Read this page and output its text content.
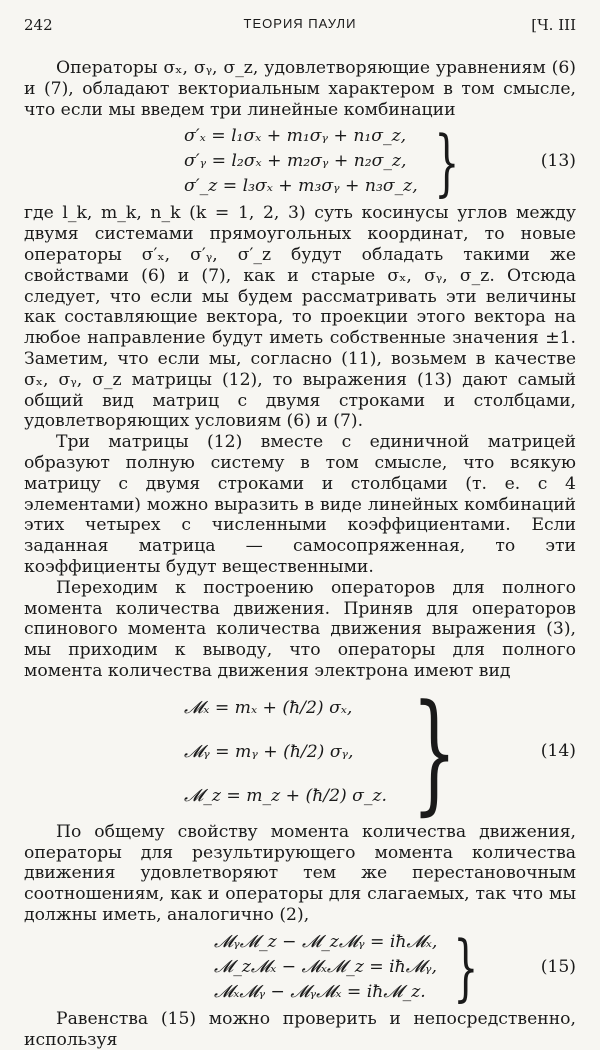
242	ТЕОРИЯ ПАУЛИ	[Ч. III

Операторы σₓ, σᵧ, σ_z, удовлетворяющие уравнениям (6) и (7), обладают векториальным характером в том смысле, что если мы введем три линейные комбинации

σ′ₓ = l₁σₓ + m₁σᵧ + n₁σ_z,
σ′ᵧ = l₂σₓ + m₂σᵧ + n₂σ_z,
σ′_z = l₃σₓ + m₃σᵧ + n₃σ_z, }	(13)

где l_k, m_k, n_k (k = 1, 2, 3) суть косинусы углов между двумя системами прямоугольных координат, то новые операторы σ′ₓ, σ′ᵧ, σ′_z будут обладать такими же свойствами (6) и (7), как и старые σₓ, σᵧ, σ_z. Отсюда следует, что если мы будем рассматривать эти величины как составляющие вектора, то проекции этого вектора на любое направление будут иметь собственные значения ±1. Заметим, что если мы, согласно (11), возьмем в качестве σₓ, σᵧ, σ_z матрицы (12), то выражения (13) дают самый общий вид матриц с двумя строками и столбцами, удовлетворяющих условиям (6) и (7).

Три матрицы (12) вместе с единичной матрицей образуют полную систему в том смысле, что всякую матрицу с двумя строками и столбцами (т. е. с 4 элементами) можно выразить в виде линейных комбинаций этих четырех с численными коэффициентами. Если заданная матрица — самосопряженная, то эти коэффициенты будут вещественными.

Переходим к построению операторов для полного момента количества движения. Приняв для операторов спинового момента количества движения выражения (3), мы приходим к выводу, что операторы для полного момента количества движения электрона имеют вид

𝓜ₓ = mₓ + (ħ/2) σₓ,
𝓜ᵧ = mᵧ + (ħ/2) σᵧ,
𝓜_z = m_z + (ħ/2) σ_z. }	(14)

По общему свойству момента количества движения, операторы для результирующего момента количества движения удовлетворяют тем же перестановочным соотношениям, как и операторы для слагаемых, так что мы должны иметь, аналогично (2),

𝓜ᵧ𝓜_z − 𝓜_z𝓜ᵧ = iħ𝓜ₓ,
𝓜_z𝓜ₓ − 𝓜ₓ𝓜_z = iħ𝓜ᵧ,
𝓜ₓ𝓜ᵧ − 𝓜ᵧ𝓜ₓ = iħ𝓜_z. }	(15)

Равенства (15) можно проверить и непосредственно, используя
